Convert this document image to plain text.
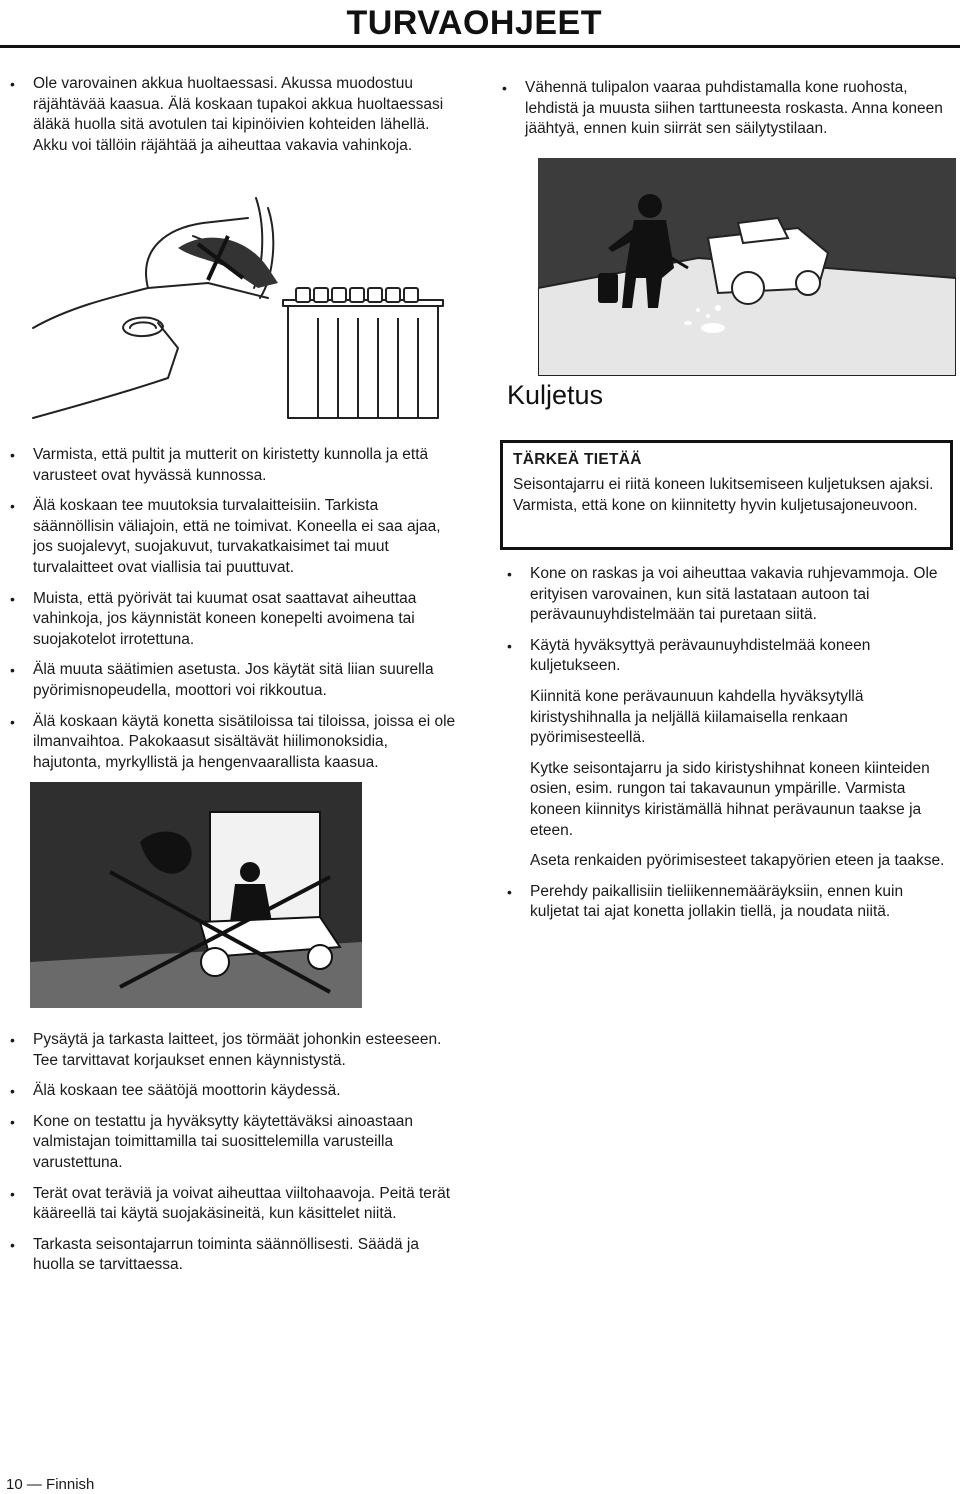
TURVAOHJEET
• Ole varovainen akkua huoltaessasi. Akussa muodostuu räjähtävää kaasua. Älä koskaan tupakoi akkua huoltaessasi äläkä huolla sitä avotulen tai kipinöivien kohteiden lähellä. Akku voi tällöin räjähtää ja aiheuttaa vakavia vahinkoja.
• Vähennä tulipalon vaaraa puhdistamalla kone ruohosta, lehdistä ja muusta siihen tarttuneesta roskasta. Anna koneen jäähtyä, ennen kuin siirrät sen säilytystilaan.
Kuljetus
• Varmista, että pultit ja mutterit on kiristetty kunnolla ja että varusteet ovat hyvässä kunnossa.
• Älä koskaan tee muutoksia turvalaitteisiin. Tarkista säännöllisin väliajoin, että ne toimivat. Koneella ei saa ajaa, jos suojalevyt, suojakuvut, turvakatkaisimet tai muut turvalaitteet ovat viallisia tai puuttuvat.
• Muista, että pyörivät tai kuumat osat saattavat aiheuttaa vahinkoja, jos käynnistät koneen konepelti avoimena tai suojakotelot irrotettuna.
• Älä muuta säätimien asetusta. Jos käytät sitä liian suurella pyörimisnopeudella, moottori voi rikkoutua.
• Älä koskaan käytä konetta sisätiloissa tai tiloissa, joissa ei ole ilmanvaihtoa. Pakokaasut sisältävät hiilimonoksidia, hajutonta, myrkyllistä ja hengenvaarallista kaasua.

TÄRKEÄ TIETÄÄ

Seisontajarru ei riitä koneen lukitsemiseen kuljetuksen ajaksi. Varmista, että kone on kiinnitetty hyvin kuljetusajoneuvoon.

• Kone on raskas ja voi aiheuttaa vakavia ruhjevammoja. Ole erityisen varovainen, kun sitä lastataan autoon tai perävaunuyhdistelmään tai puretaan siitä.
• Käytä hyväksyttyä perävaunuyhdistelmää koneen kuljetukseen.

Kiinnitä kone perävaunuun kahdella hyväksytyllä kiristyshihnalla ja neljällä kiilamaisella renkaan pyörimisesteellä.

Kytke seisontajarru ja sido kiristyshihnat koneen kiinteiden osien, esim. rungon tai takavaunun ympärille. Varmista koneen kiinnitys kiristämällä hihnat perävaunun taakse ja eteen.

Aseta renkaiden pyörimisesteet takapyörien eteen ja taakse.

• Perehdy paikallisiin tieliikennemääräyksiin, ennen kuin kuljetat tai ajat konetta jollakin tiellä, ja noudata niitä.
• Pysäytä ja tarkasta laitteet, jos törmäät johonkin esteeseen. Tee tarvittavat korjaukset ennen käynnistystä.
• Älä koskaan tee säätöjä moottorin käydessä.
• Kone on testattu ja hyväksytty käytettäväksi ainoastaan valmistajan toimittamilla tai suosittelemilla varusteilla varustettuna.
• Terät ovat teräviä ja voivat aiheuttaa viiltohaavoja. Peitä terät kääreellä tai käytä suojakäsineitä, kun käsittelet niitä.
• Tarkasta seisontajarrun toiminta säännöllisesti. Säädä ja huolla se tarvittaessa.
10 — Finnish
